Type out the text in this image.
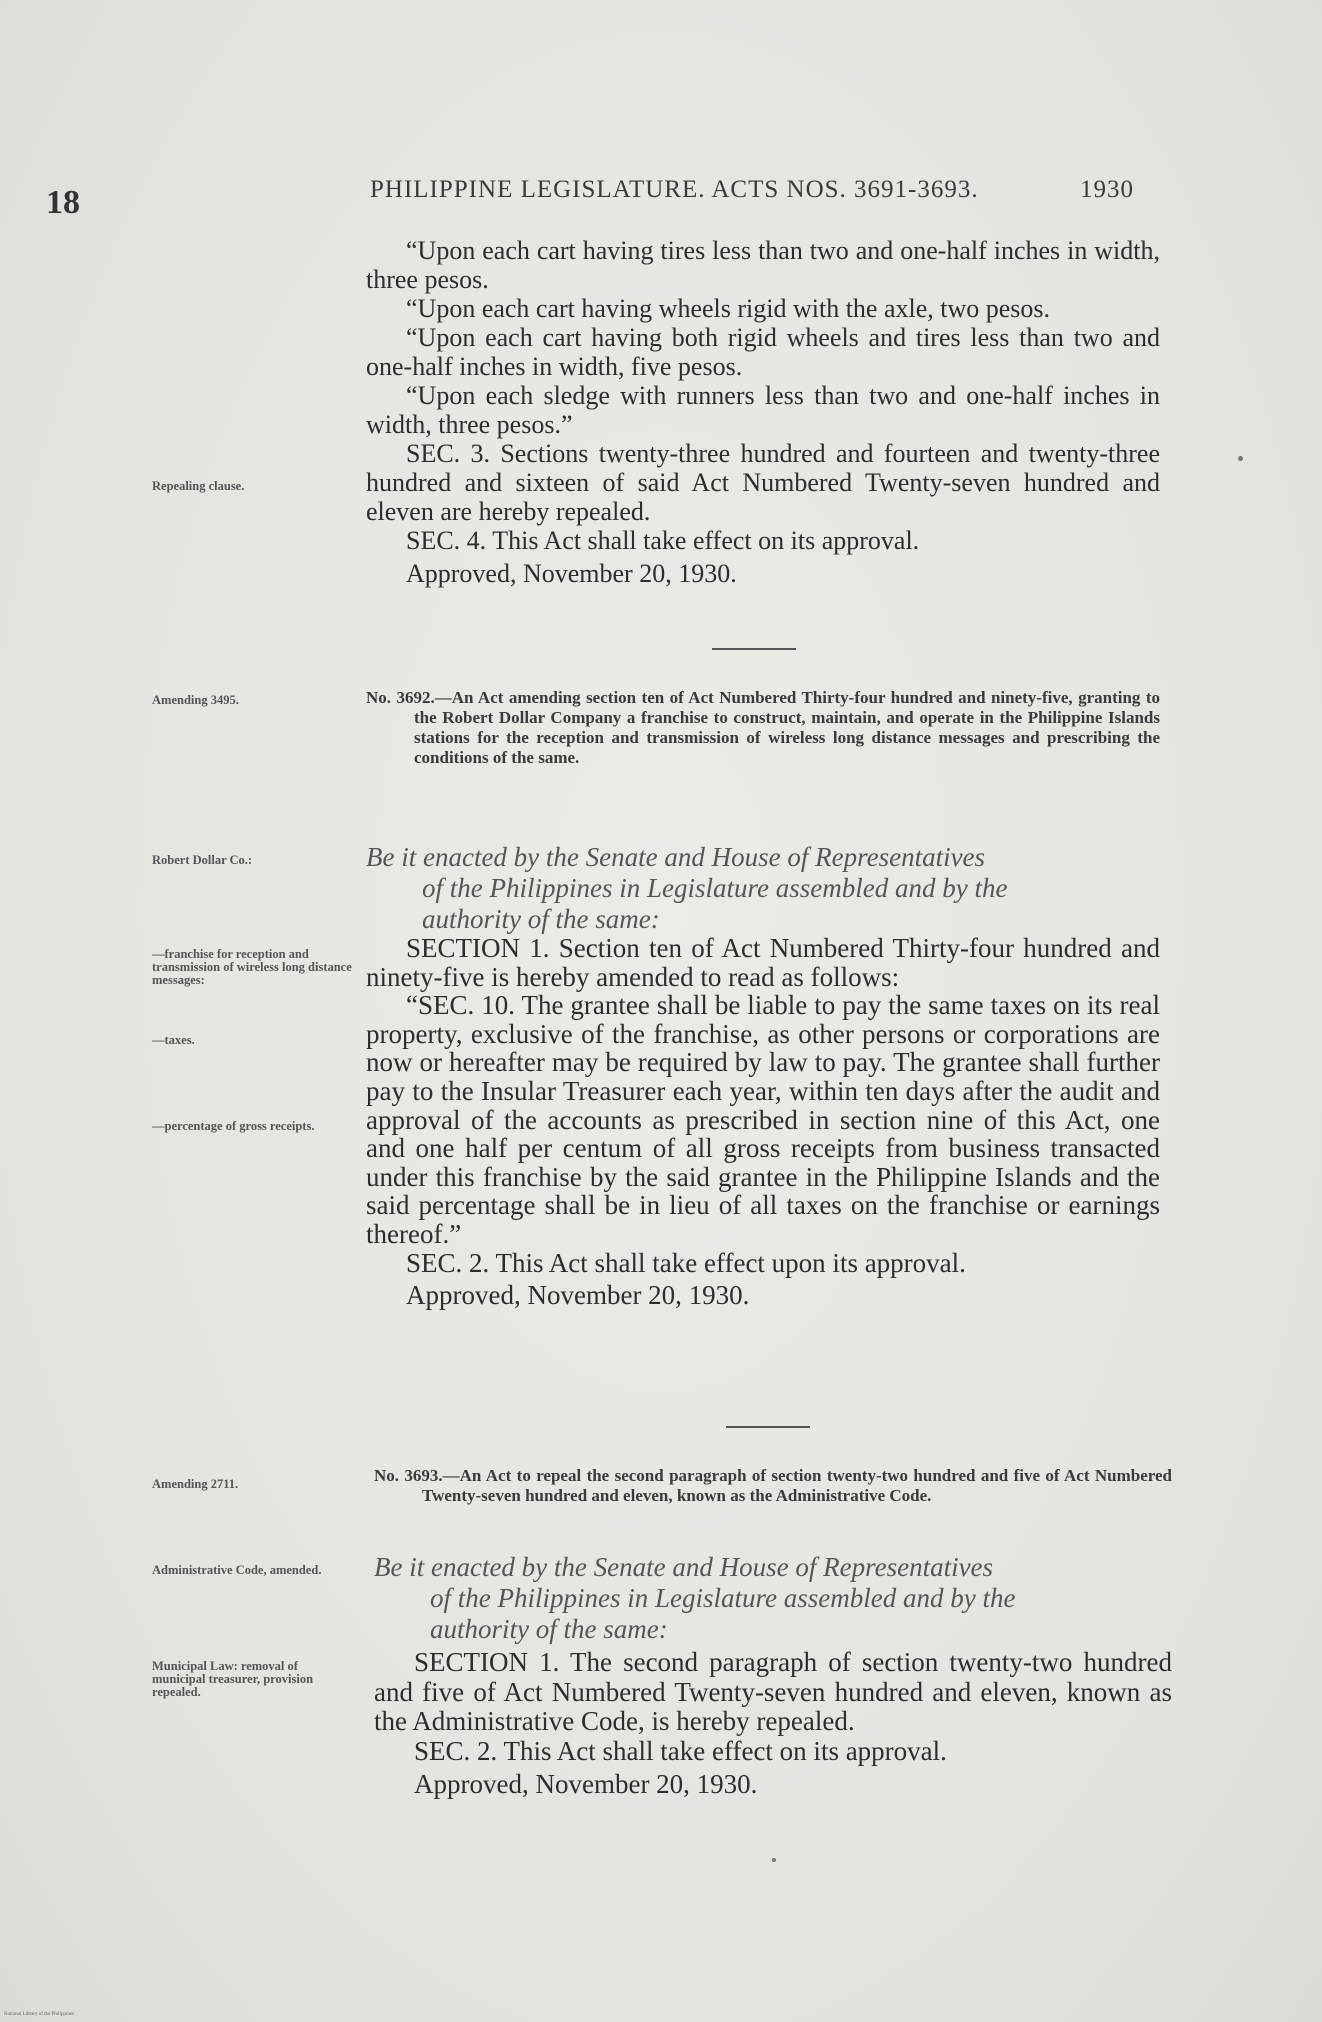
18	PHILIPPINE LEGISLATURE. ACTS NOS. 3691-3693.	1930
Repealing clause.

“Upon each cart having tires less than two and one-half inches in width, three pesos.

“Upon each cart having wheels rigid with the axle, two pesos.

“Upon each cart having both rigid wheels and tires less than two and one-half inches in width, five pesos.

“Upon each sledge with runners less than two and one-half inches in width, three pesos.”

SEC. 3. Sections twenty-three hundred and fourteen and twenty-three hundred and sixteen of said Act Numbered Twenty-seven hundred and eleven are hereby repealed.

SEC. 4. This Act shall take effect on its approval.

Approved, November 20, 1930.

Amending 3495.	No. 3692.—An Act amending section ten of Act Numbered Thirty-four hundred and ninety-five, granting to the Robert Dollar Company a franchise to construct, maintain, and operate in the Philippine Islands stations for the reception and transmission of wireless long distance messages and prescribing the conditions of the same.
Robert Dollar Co.:	Be it enacted by the Senate and House of Representatives
of the Philippines in Legislature assembled and by the
authority of the same:
—franchise for reception and transmission of wireless long distance messages:
—taxes.
—percentage of gross receipts.

SECTION 1. Section ten of Act Numbered Thirty-four hundred and ninety-five is hereby amended to read as follows:

“SEC. 10. The grantee shall be liable to pay the same taxes on its real property, exclusive of the franchise, as other persons or corporations are now or hereafter may be required by law to pay. The grantee shall further pay to the Insular Treasurer each year, within ten days after the audit and approval of the accounts as prescribed in section nine of this Act, one and one half per centum of all gross receipts from business transacted under this franchise by the said grantee in the Philippine Islands and the said percentage shall be in lieu of all taxes on the franchise or earnings thereof.”

SEC. 2. This Act shall take effect upon its approval.

Approved, November 20, 1930.

Amending 2711.	No. 3693.—An Act to repeal the second paragraph of section twenty-two hundred and five of Act Numbered Twenty-seven hundred and eleven, known as the Administrative Code.
Administrative Code, amended.	Be it enacted by the Senate and House of Representatives
of the Philippines in Legislature assembled and by the
authority of the same:
Municipal Law: removal of municipal treasurer, provision repealed.

SECTION 1. The second paragraph of section twenty-two hundred and five of Act Numbered Twenty-seven hundred and eleven, known as the Administrative Code, is hereby repealed.

SEC. 2. This Act shall take effect on its approval.

Approved, November 20, 1930.

National Library of the Philippines
